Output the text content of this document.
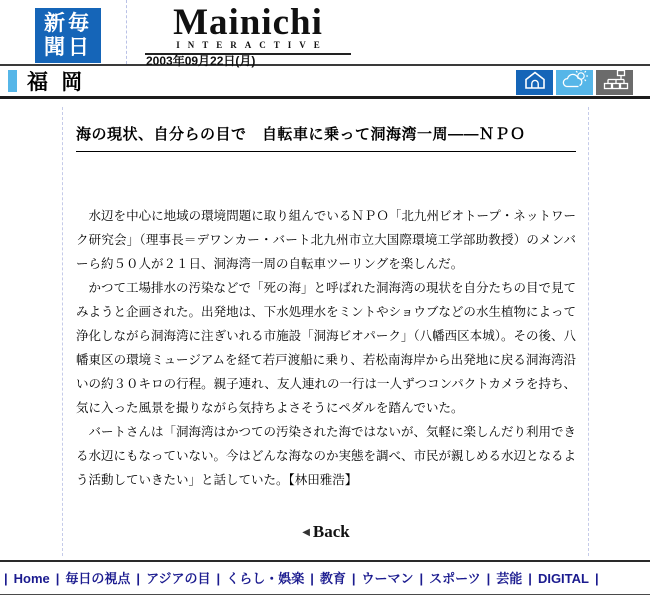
新毎
聞日
Mainichi
INTERACTIVE
2003年09月22日(月)
福 岡
海の現状、自分らの目で　自転車に乗って洞海湾一周――ＮＰＯ

　水辺を中心に地域の環境問題に取り組んでいるＮＰＯ「北九州ビオトープ・ネットワーク研究会」（理事長＝デワンカー・バート北九州市立大国際環境工学部助教授）のメンバーら約５０人が２１日、洞海湾一周の自転車ツーリングを楽しんだ。

　かつて工場排水の汚染などで「死の海」と呼ばれた洞海湾の現状を自分たちの目で見てみようと企画された。出発地は、下水処理水をミントやショウブなどの水生植物によって浄化しながら洞海湾に注ぎいれる市施設「洞海ビオパーク」（八幡西区本城）。その後、八幡東区の環境ミュージアムを経て若戸渡船に乗り、若松南海岸から出発地に戻る洞海湾沿いの約３０キロの行程。親子連れ、友人連れの一行は一人ずつコンパクトカメラを持ち、気に入った風景を撮りながら気持ちよさそうにペダルを踏んでいた。

　バートさんは「洞海湾はかつての汚染された海ではないが、気軽に楽しんだり利用できる水辺にもなっていない。今はどんな海なのか実態を調べ、市民が親しめる水辺となるよう活動していきたい」と話していた。【林田雅浩】

◀ Back
| Home | 毎日の視点 | アジアの目 | くらし・娯楽 | 教育 | ウーマン | スポーツ | 芸能 | DIGITAL |
